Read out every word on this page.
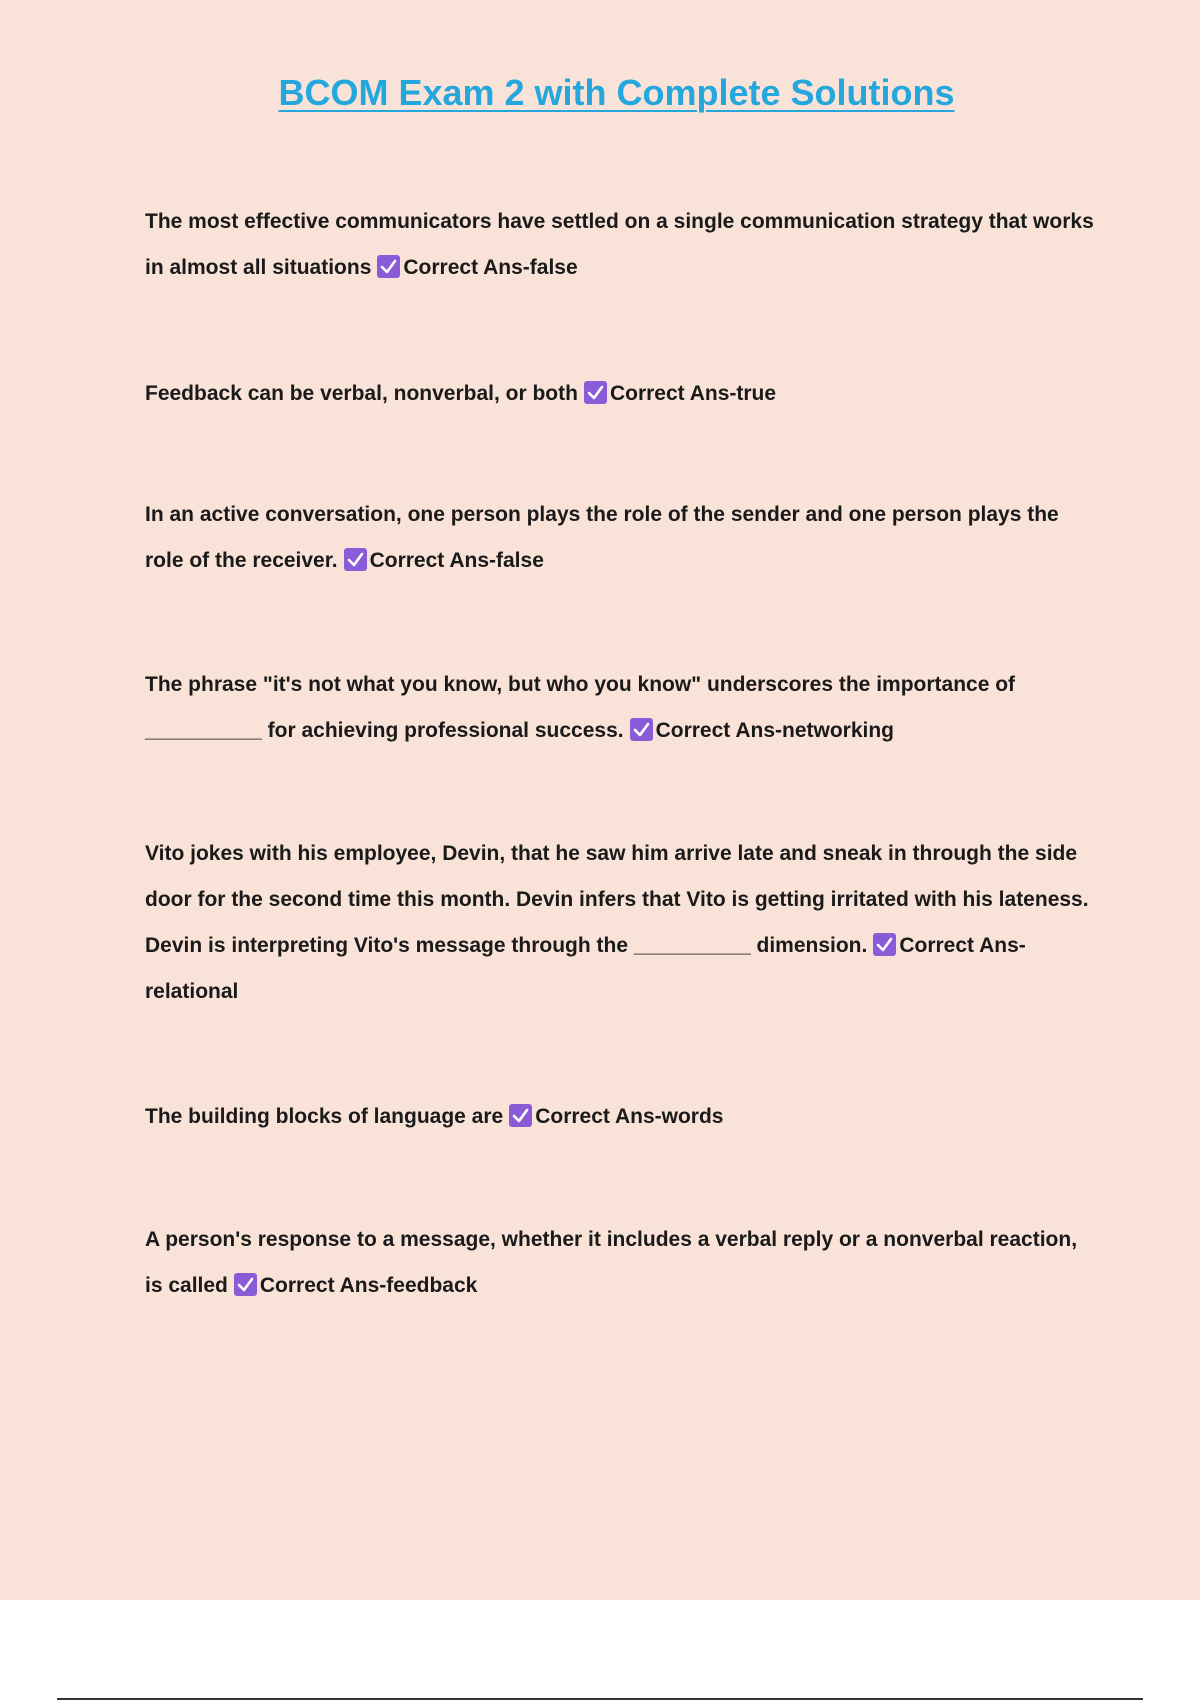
BCOM Exam 2 with Complete Solutions
The most effective communicators have settled on a single communication strategy that works in almost all situations Correct Ans-false
Feedback can be verbal, nonverbal, or both Correct Ans-true
In an active conversation, one person plays the role of the sender and one person plays the role of the receiver. Correct Ans-false
The phrase "it's not what you know, but who you know" underscores the importance of __________ for achieving professional success. Correct Ans-networking
Vito jokes with his employee, Devin, that he saw him arrive late and sneak in through the side door for the second time this month. Devin infers that Vito is getting irritated with his lateness. Devin is interpreting Vito's message through the __________ dimension. Correct Ans-relational
The building blocks of language are Correct Ans-words
A person's response to a message, whether it includes a verbal reply or a nonverbal reaction, is called Correct Ans-feedback
